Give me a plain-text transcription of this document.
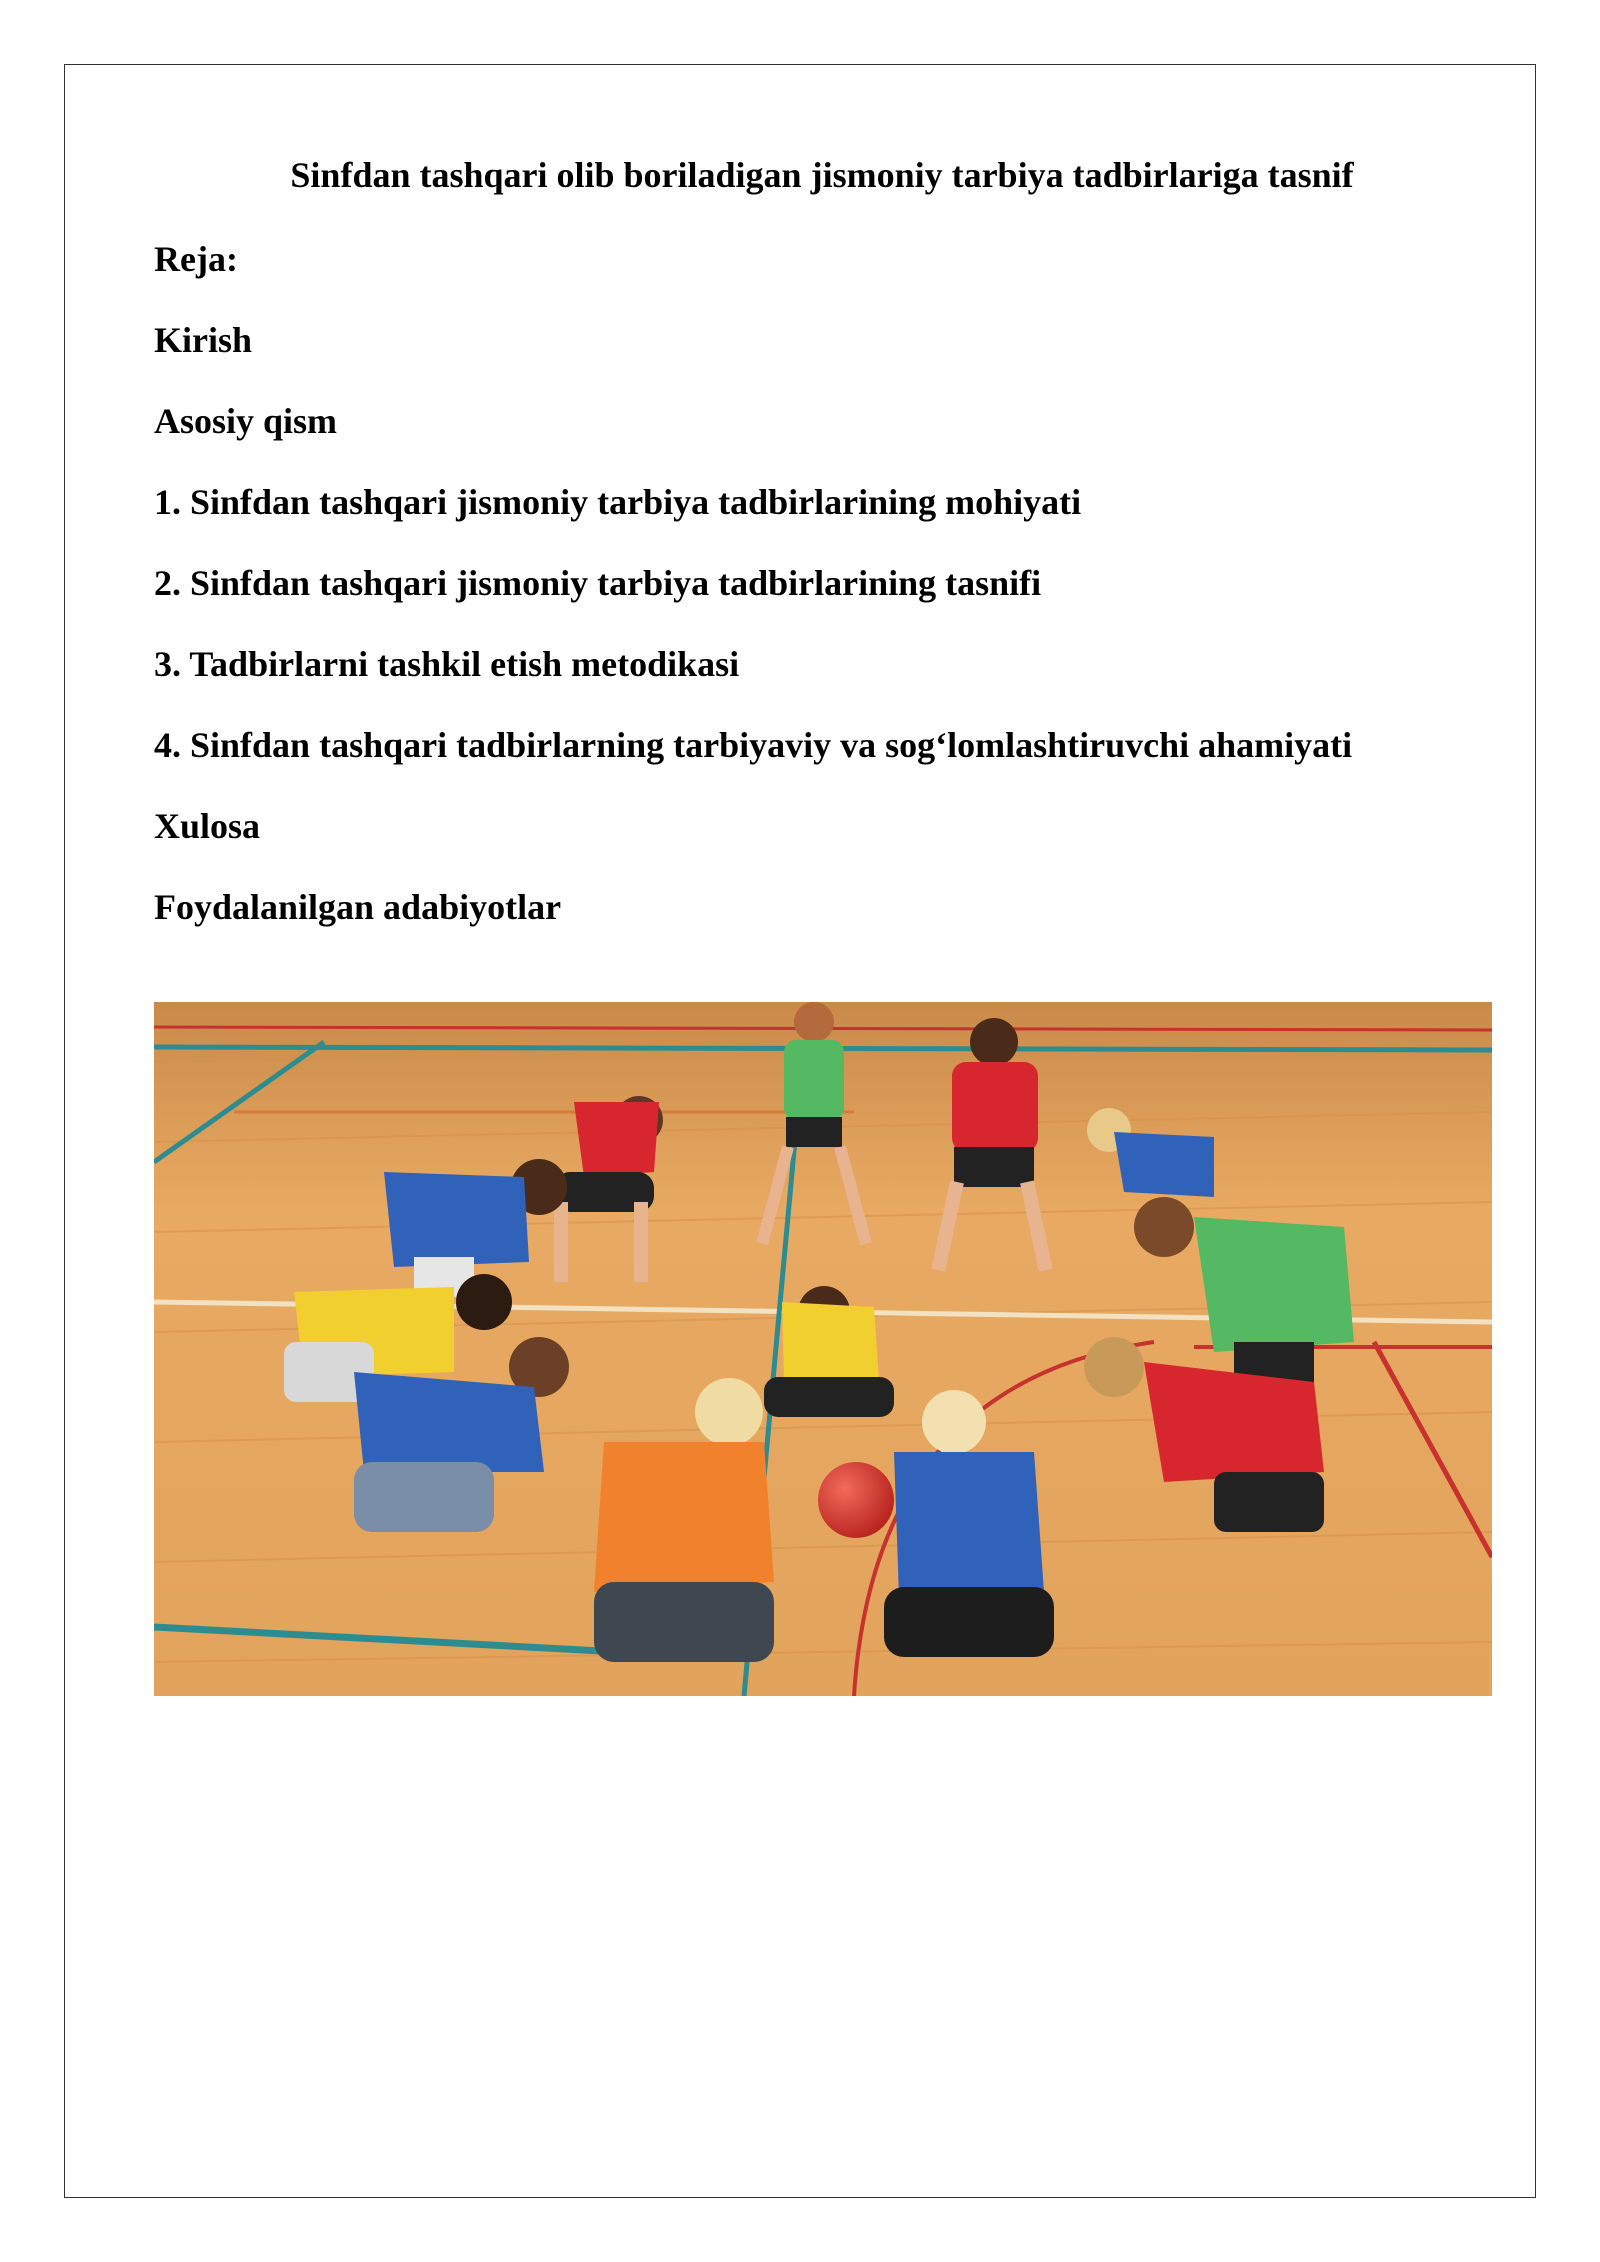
Sinfdan tashqari olib boriladigan jismoniy tarbiya tadbirlariga tasnif

Reja:

Kirish

Asosiy qism

1. Sinfdan tashqari jismoniy tarbiya tadbirlarining mohiyati

2. Sinfdan tashqari jismoniy tarbiya tadbirlarining tasnifi

3. Tadbirlarni tashkil etish metodikasi

4. Sinfdan tashqari tadbirlarning tarbiyaviy va sog‘lomlashtiruvchi ahamiyati

Xulosa

Foydalanilgan adabiyotlar
